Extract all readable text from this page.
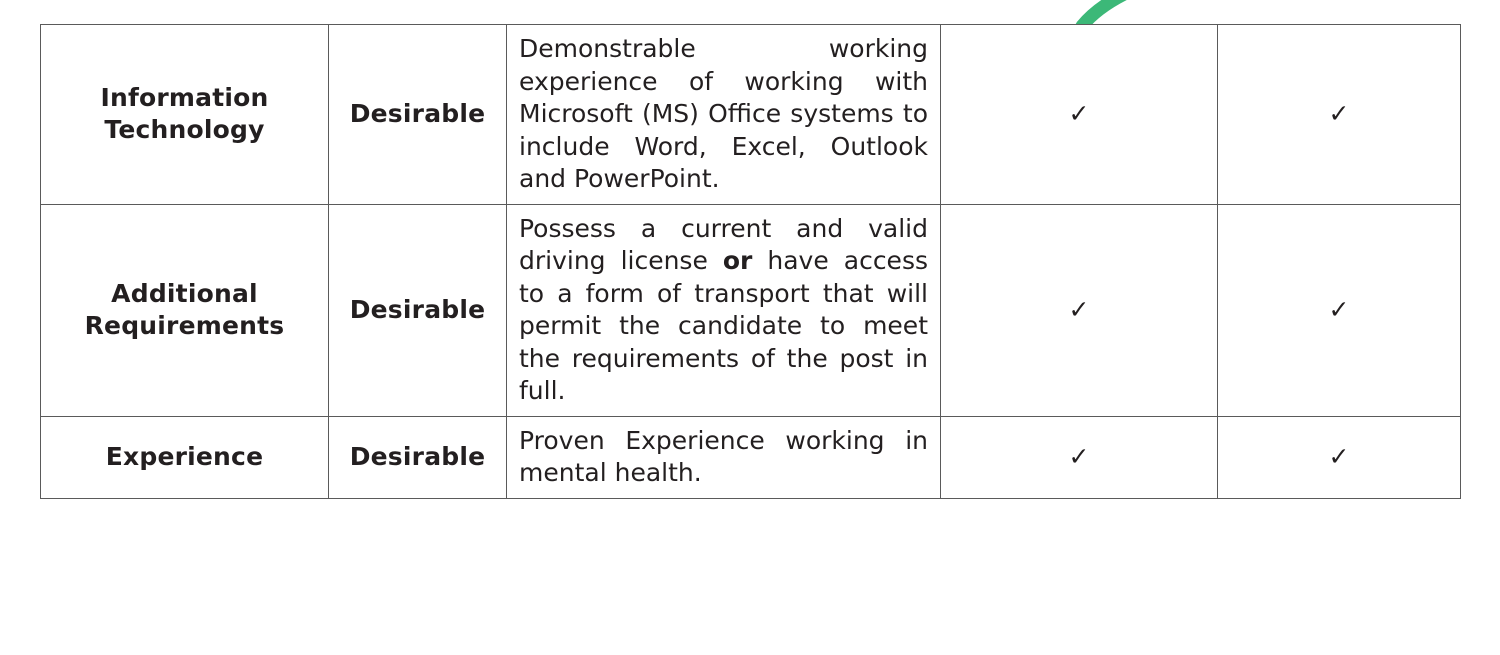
Information Technology	Desirable	Demonstrable working experience of working with Microsoft (MS) Office systems to include Word, Excel, Outlook and PowerPoint.	✓	✓
Additional Requirements	Desirable	Possess a current and valid driving license or have access to a form of transport that will permit the candidate to meet the requirements of the post in full.	✓	✓
Experience	Desirable	Proven Experience working in mental health.	✓	✓
